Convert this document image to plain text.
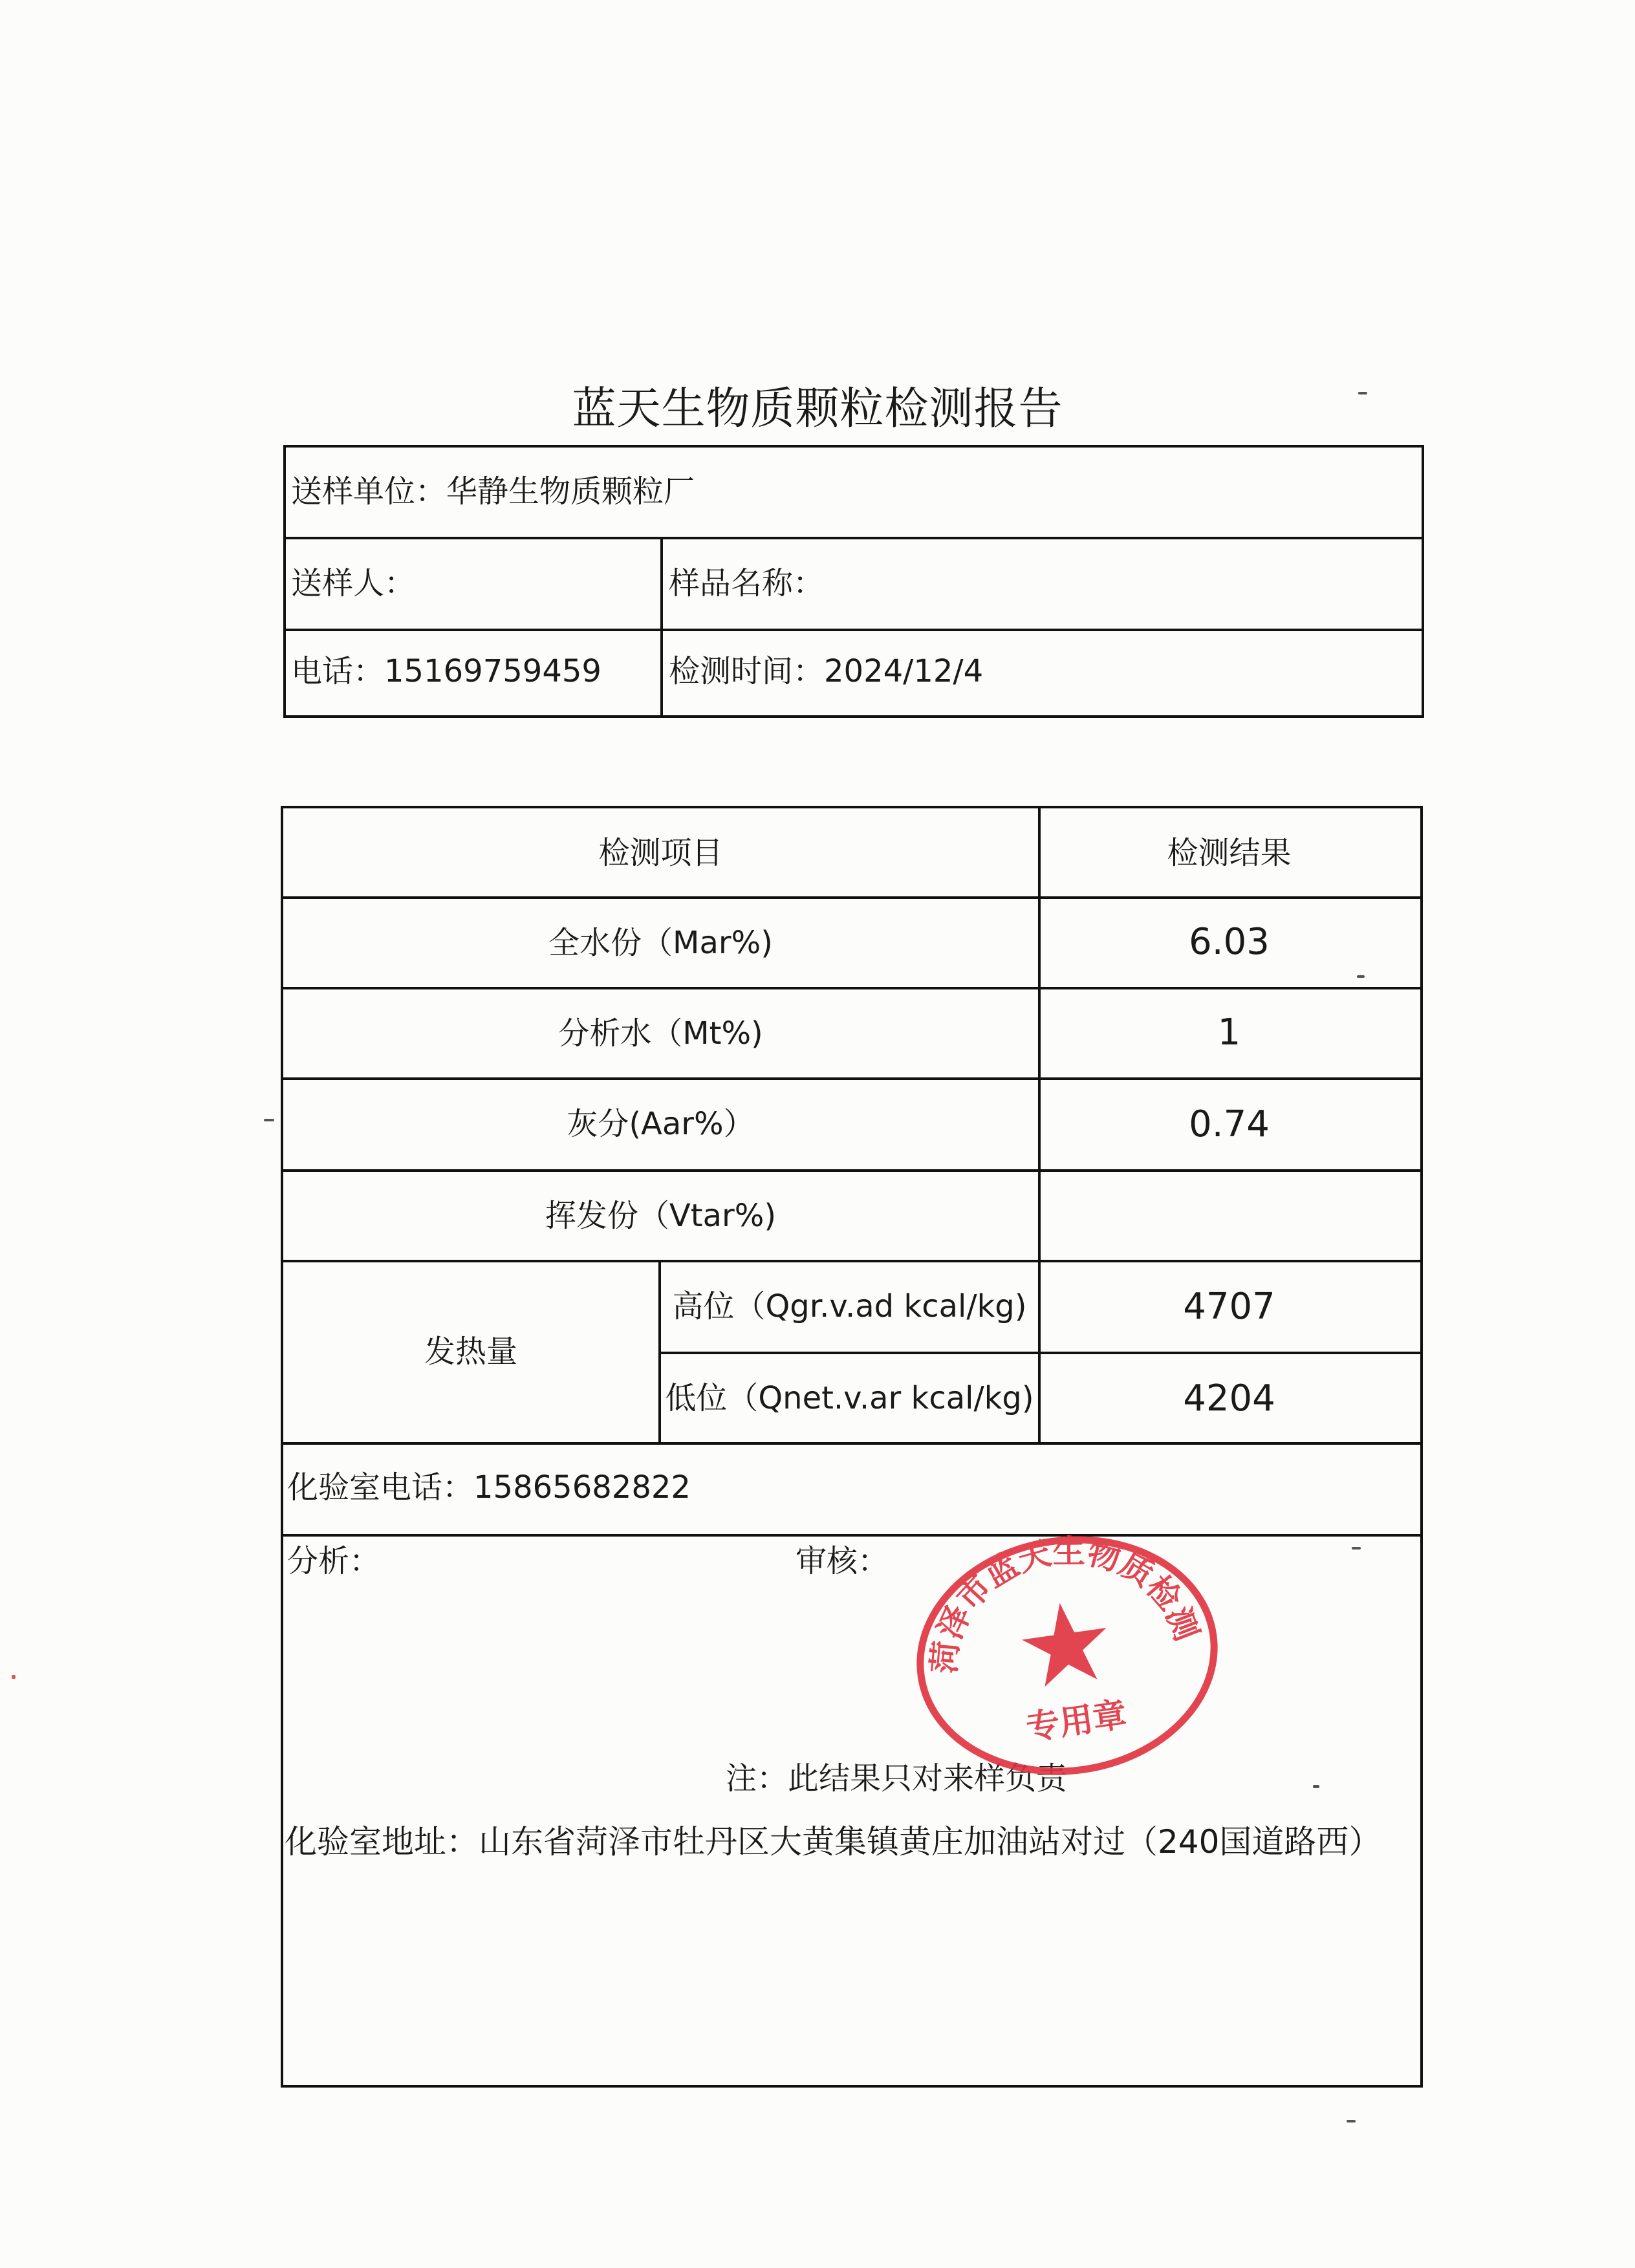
蓝天生物质颗粒检测报告
送样单位：华静生物质颗粒厂
送样人：	样品名称：
电话：15169759459 检测时间：2024/12/4
检测项目	检测结果
全水份（Mar%)	6.03
分析水（Mt%)	1
灰分(Aar%）	0.74
挥发份（Vtar%)
发热量
高位（Qgr.v.ad kcal/kg)	4707
低位（Qnet.v.ar kcal/kg)	4204
化验室电话：15865682822
分析：	审核：
注：此结果只对来样负责
菏泽市蓝天生物质检测
专用章
化验室地址：山东省菏泽市牡丹区大黄集镇黄庄加油站对过（240国道路西）
